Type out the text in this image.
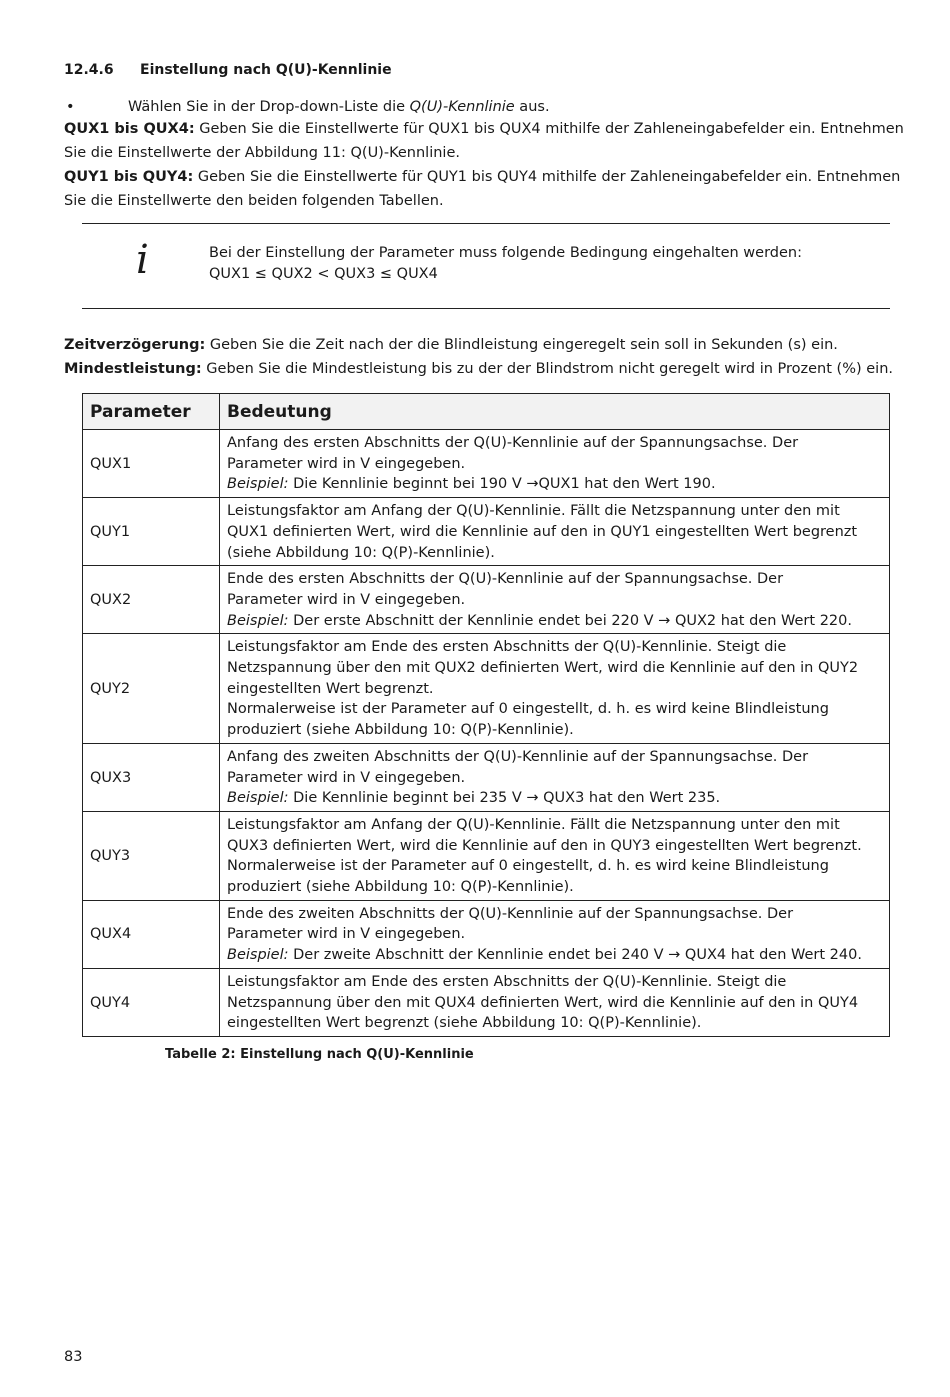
12.4.6 Einstellung nach Q(U)-Kennlinie
•	Wählen Sie in der Drop-down-Liste die Q(U)-Kennlinie aus.
QUX1 bis QUX4: Geben Sie die Einstellwerte für QUX1 bis QUX4 mithilfe der Zahleneingabefelder ein. Entnehmen
Sie die Einstellwerte der Abbildung 11: Q(U)-Kennlinie.
QUY1 bis QUY4: Geben Sie die Einstellwerte für QUY1 bis QUY4 mithilfe der Zahleneingabefelder ein. Entnehmen
Sie die Einstellwerte den beiden folgenden Tabellen.
i	Bei der Einstellung der Parameter muss folgende Bedingung eingehalten werden:
QUX1 ≤ QUX2 < QUX3 ≤ QUX4
Zeitverzögerung: Geben Sie die Zeit nach der die Blindleistung eingeregelt sein soll in Sekunden (s) ein.
Mindestleistung: Geben Sie die Mindestleistung bis zu der der Blindstrom nicht geregelt wird in Prozent (%) ein.
Parameter	Bedeutung
QUX1	Anfang des ersten Abschnitts der Q(U)-Kennlinie auf der Spannungsachse. Der
Parameter wird in V eingegeben.
Beispiel: Die Kennlinie beginnt bei 190 V →QUX1 hat den Wert 190.

QUY1	Leistungsfaktor am Anfang der Q(U)-Kennlinie. Fällt die Netzspannung unter den mit
QUX1 definierten Wert, wird die Kennlinie auf den in QUY1 eingestellten Wert begrenzt
(siehe Abbildung 10: Q(P)-Kennlinie).

QUX2	Ende des ersten Abschnitts der Q(U)-Kennlinie auf der Spannungsachse. Der
Parameter wird in V eingegeben.
Beispiel: Der erste Abschnitt der Kennlinie endet bei 220 V → QUX2 hat den Wert 220.

QUY2	Leistungsfaktor am Ende des ersten Abschnitts der Q(U)-Kennlinie. Steigt die
Netzspannung über den mit QUX2 definierten Wert, wird die Kennlinie auf den in QUY2
eingestellten Wert begrenzt.
Normalerweise ist der Parameter auf 0 eingestellt, d. h. es wird keine Blindleistung
produziert (siehe Abbildung 10: Q(P)-Kennlinie).

QUX3	Anfang des zweiten Abschnitts der Q(U)-Kennlinie auf der Spannungsachse. Der
Parameter wird in V eingegeben.
Beispiel: Die Kennlinie beginnt bei 235 V → QUX3 hat den Wert 235.

QUY3	Leistungsfaktor am Anfang der Q(U)-Kennlinie. Fällt die Netzspannung unter den mit
QUX3 definierten Wert, wird die Kennlinie auf den in QUY3 eingestellten Wert begrenzt.
Normalerweise ist der Parameter auf 0 eingestellt, d. h. es wird keine Blindleistung
produziert (siehe Abbildung 10: Q(P)-Kennlinie).

QUX4	Ende des zweiten Abschnitts der Q(U)-Kennlinie auf der Spannungsachse. Der
Parameter wird in V eingegeben.
Beispiel: Der zweite Abschnitt der Kennlinie endet bei 240 V → QUX4 hat den Wert 240.

QUY4	Leistungsfaktor am Ende des ersten Abschnitts der Q(U)-Kennlinie. Steigt die
Netzspannung über den mit QUX4 definierten Wert, wird die Kennlinie auf den in QUY4
eingestellten Wert begrenzt (siehe Abbildung 10: Q(P)-Kennlinie).
Tabelle 2: Einstellung nach Q(U)-Kennlinie
83
